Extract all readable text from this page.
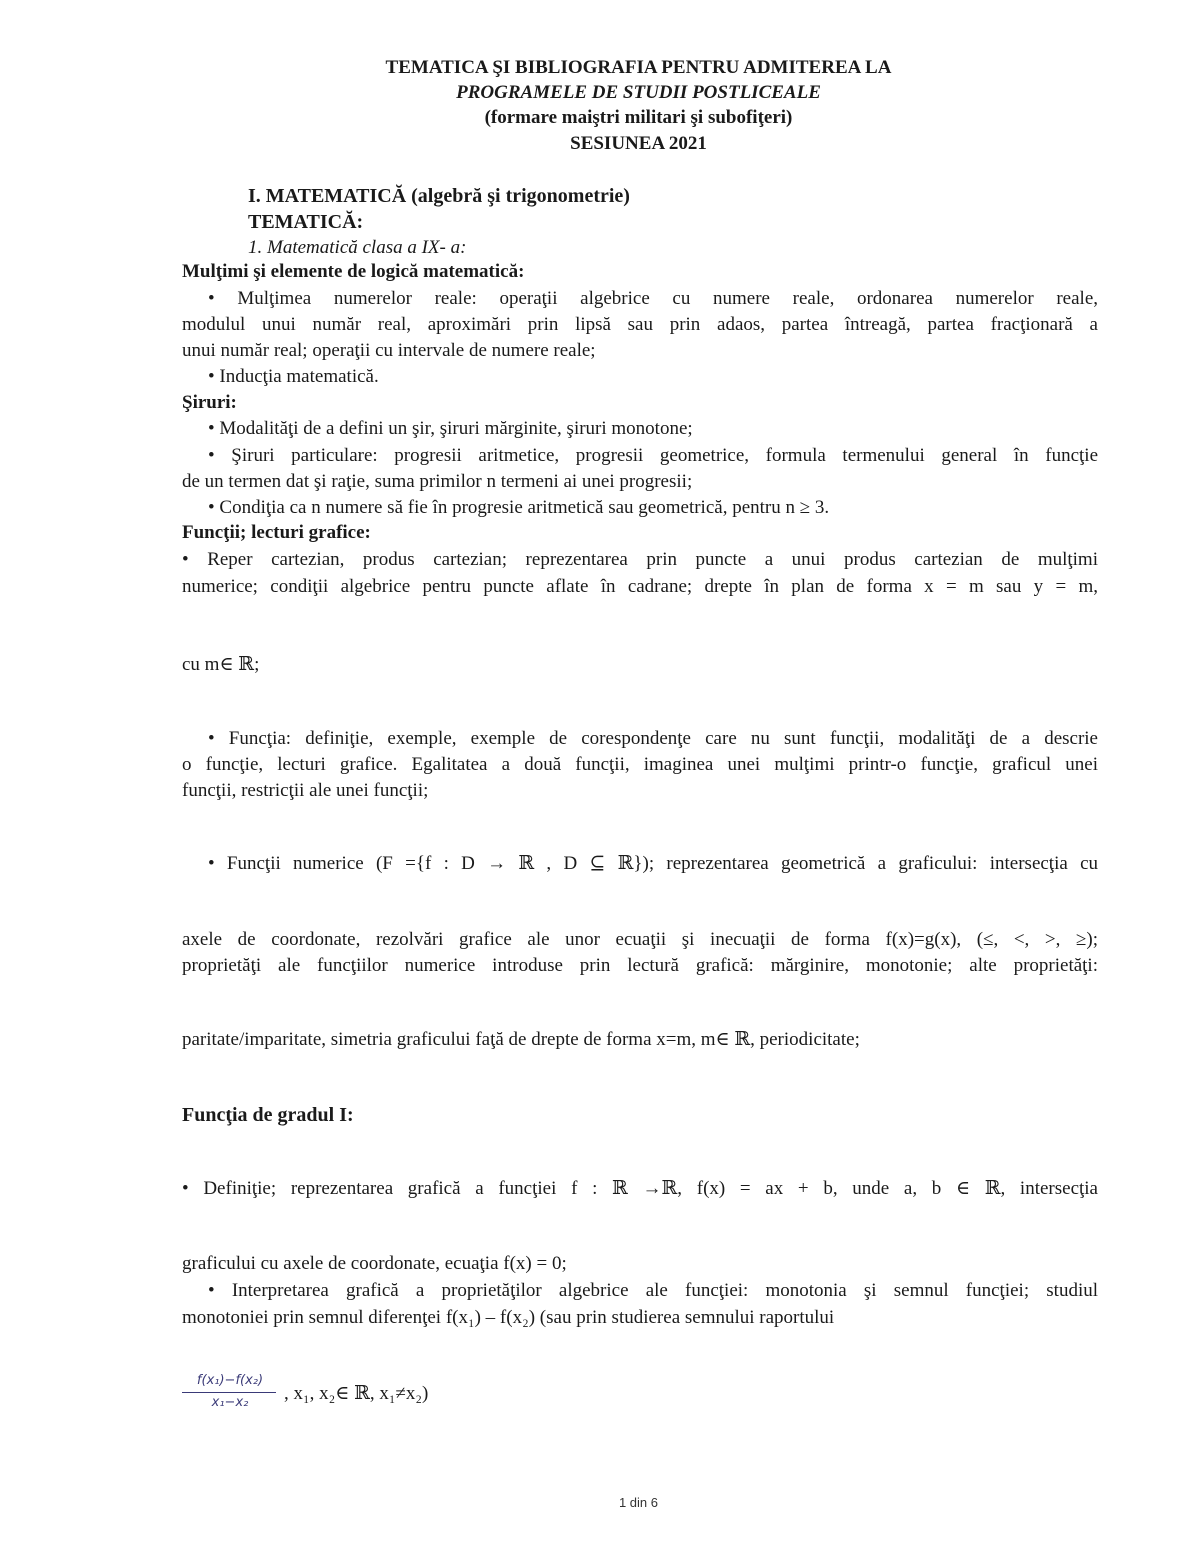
TEMATICA ŞI BIBLIOGRAFIA PENTRU ADMITEREA LA
PROGRAMELE DE STUDII POSTLICEALE
(formare maiştri militari şi subofiţeri)
SESIUNEA 2021
I. MATEMATICĂ (algebră şi trigonometrie)
TEMATICĂ:
1. Matematică clasa a IX- a:
Mulţimi şi elemente de logică matematică:
• Mulţimea numerelor reale: operaţii algebrice cu numere reale, ordonarea numerelor reale,
modulul unui număr real, aproximări prin lipsă sau prin adaos, partea întreagă, partea fracţionară a
unui număr real; operaţii cu intervale de numere reale;
• Inducţia matematică.
Şiruri:
• Modalităţi de a defini un şir, şiruri mărginite, şiruri monotone;
• Şiruri particulare: progresii aritmetice, progresii geometrice, formula termenului general în funcţie
de un termen dat şi raţie, suma primilor n termeni ai unei progresii;
• Condiţia ca n numere să fie în progresie aritmetică sau geometrică, pentru n ≥ 3.
Funcţii; lecturi grafice:
• Reper cartezian, produs cartezian; reprezentarea prin puncte a unui produs cartezian de mulţimi
numerice; condiţii algebrice pentru puncte aflate în cadrane; drepte în plan de forma x = m sau y = m,
cu m∈ ℝ;
• Funcţia: definiţie, exemple, exemple de corespondenţe care nu sunt funcţii, modalităţi de a descrie
o funcţie, lecturi grafice. Egalitatea a două funcţii, imaginea unei mulţimi printr-o funcţie, graficul unei
funcţii, restricţii ale unei funcţii;
• Funcţii numerice (F ={f : D → ℝ , D ⊆ ℝ}); reprezentarea geometrică a graficului: intersecţia cu
axele de coordonate, rezolvări grafice ale unor ecuaţii şi inecuaţii de forma f(x)=g(x), (≤, <, >, ≥);
proprietăţi ale funcţiilor numerice introduse prin lectură grafică: mărginire, monotonie; alte proprietăţi:
paritate/imparitate, simetria graficului faţă de drepte de forma x=m, m∈ ℝ, periodicitate;
Funcţia de gradul I:
• Definiţie; reprezentarea grafică a funcţiei f : ℝ →ℝ, f(x) = ax + b, unde a, b ∈ ℝ, intersecţia
graficului cu axele de coordonate, ecuaţia f(x) = 0;
• Interpretarea grafică a proprietăţilor algebrice ale funcţiei: monotonia şi semnul funcţiei; studiul
monotoniei prin semnul diferenţei f(x₁) – f(x₂) (sau prin studierea semnului raportului
f(x₁)−f(x₂)
x₁−x₂	, x₁, x₂∈ ℝ, x₁≠x₂)
1 din 6
